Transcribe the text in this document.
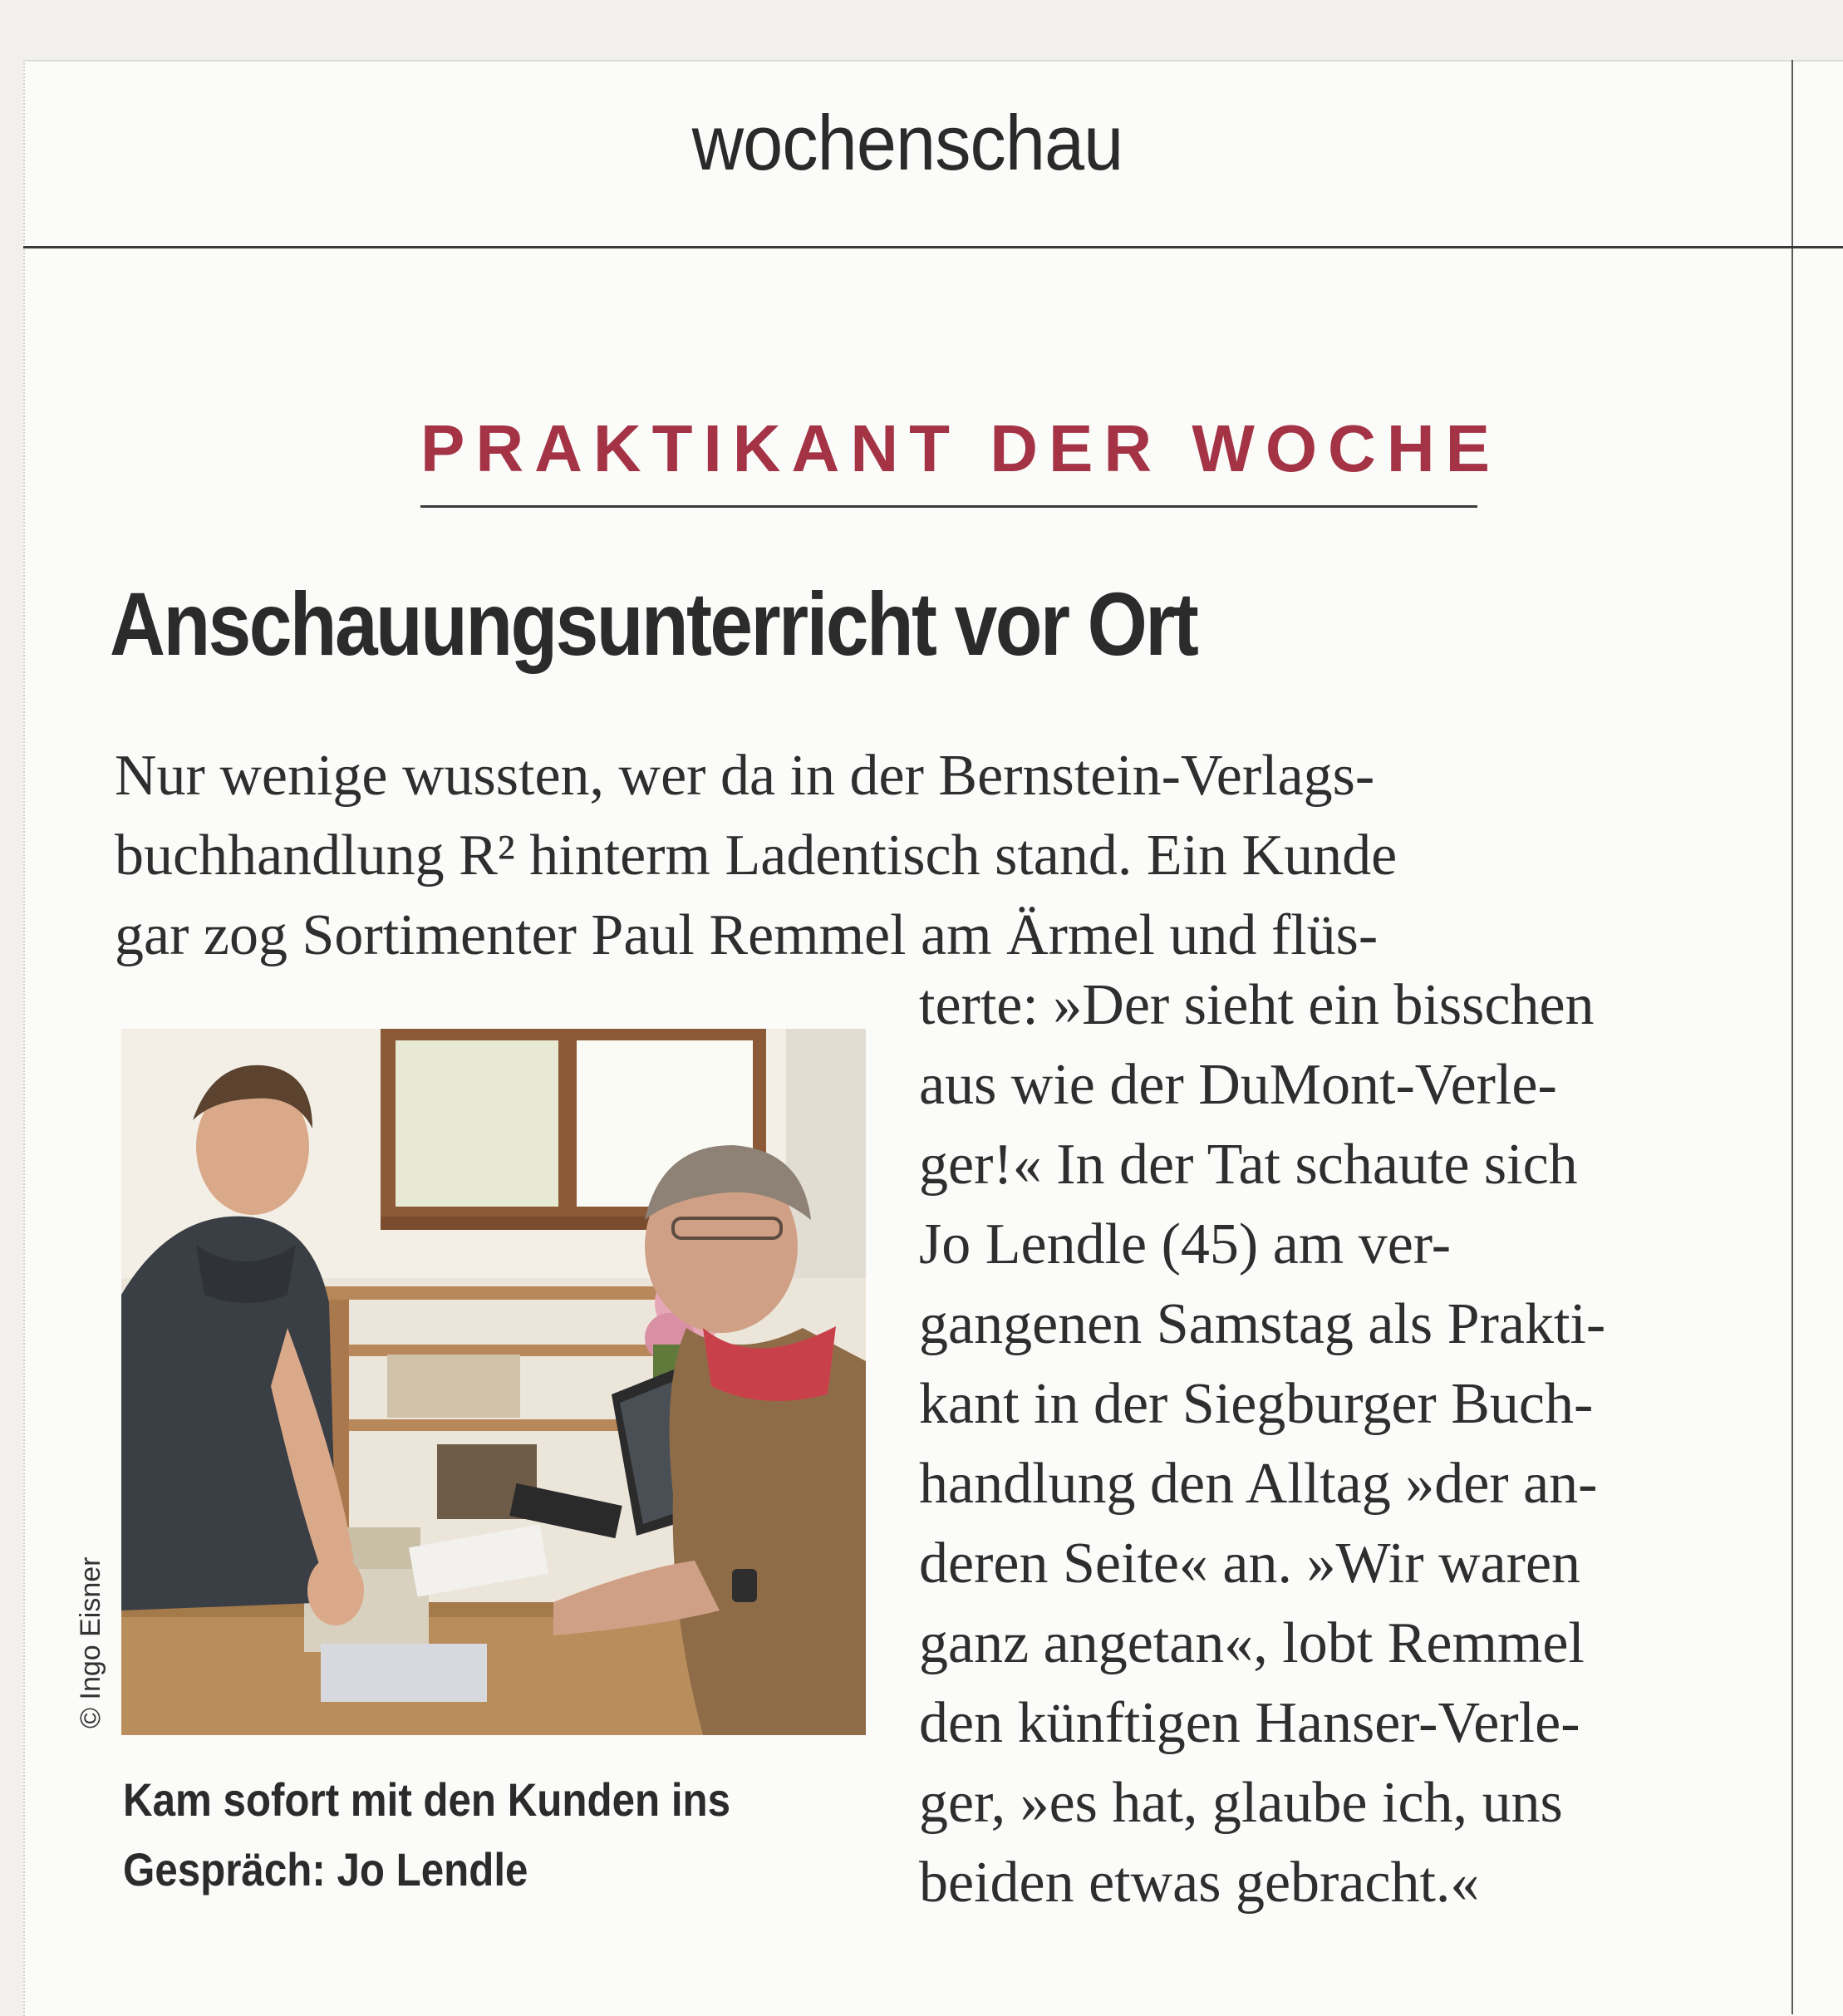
wochenschau
PRAKTIKANT DER WOCHE
Anschauungsunterricht vor Ort
Nur wenige wussten, wer da in der Bernstein-Verlags-
buchhandlung R² hinterm Ladentisch stand. Ein Kunde
gar zog Sortimenter Paul Remmel am Ärmel und flüs-
terte: »Der sieht ein bisschen
aus wie der DuMont-Verle-
ger!« In der Tat schaute sich
Jo Lendle (45) am ver-
gangenen Samstag als Prakti-
kant in der Siegburger Buch-
handlung den Alltag »der an-
deren Seite« an. »Wir waren
ganz angetan«, lobt Remmel
den künftigen Hanser-Verle-
ger, »es hat, glaube ich, uns
beiden etwas gebracht.«
© Ingo Eisner
Kam sofort mit den Kunden ins
Gespräch: Jo Lendle
